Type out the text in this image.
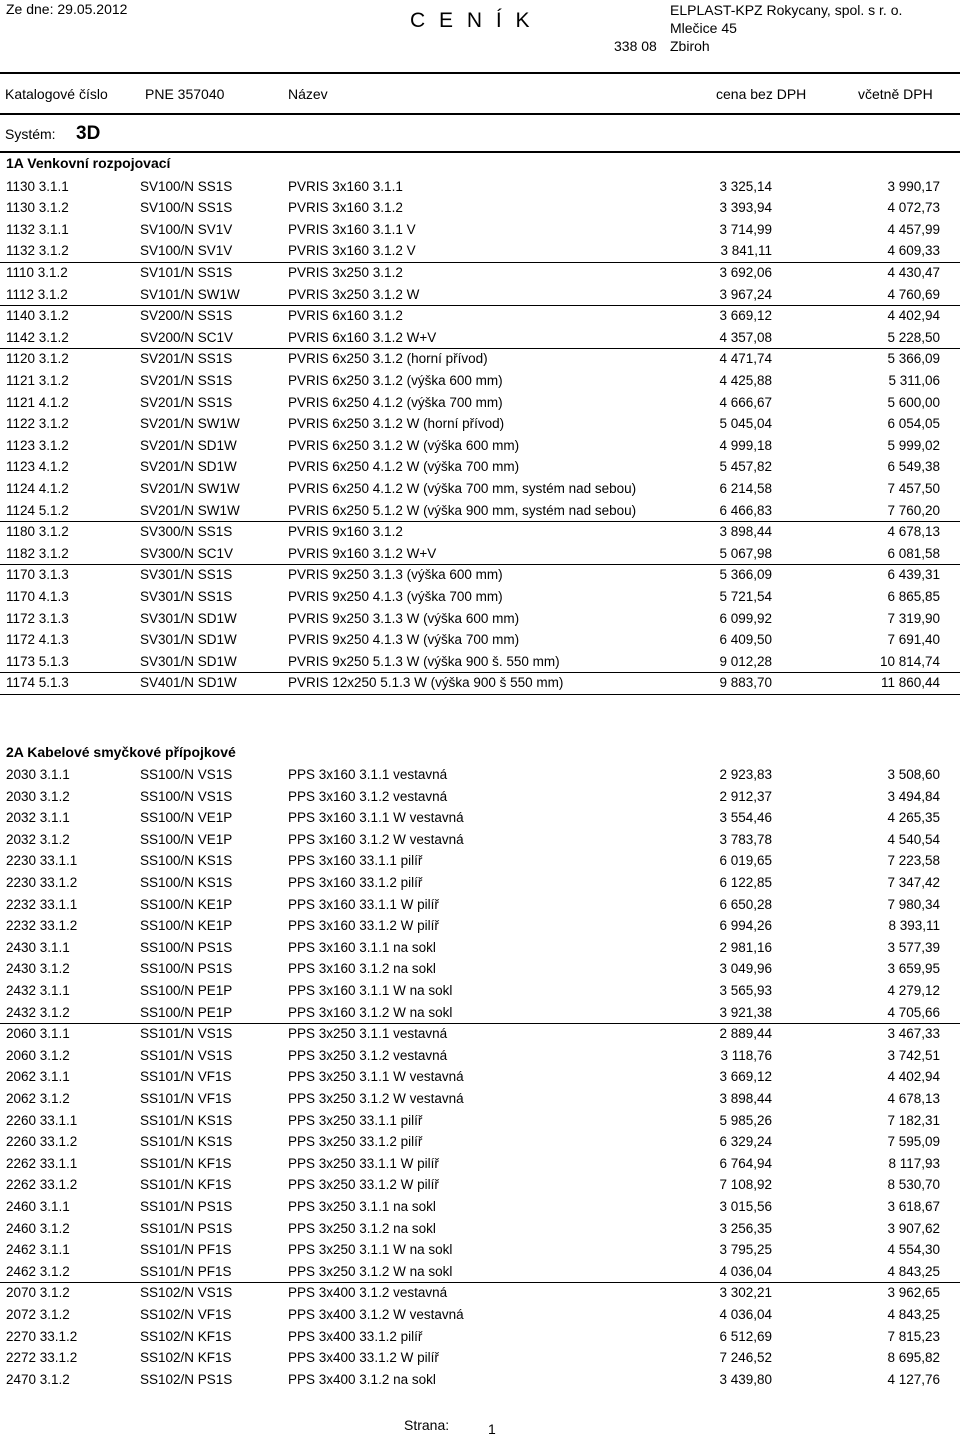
Ze dne: 29.05.2012	C E N Í K	ELPLAST-KPZ Rokycany, spol. s r. o.
Mlečice 45
338 08 Zbiroh
Katalogové číslo	PNE 357040	Název	cena bez DPH	včetně DPH
Systém: 3D
1A Venkovní rozpojovací
1130 3.1.1	SV100/N SS1S	PVRIS 3x160 3.1.1	3 325,14	3 990,17
1130 3.1.2	SV100/N SS1S	PVRIS 3x160 3.1.2	3 393,94	4 072,73
1132 3.1.1	SV100/N SV1V	PVRIS 3x160 3.1.1 V	3 714,99	4 457,99
1132 3.1.2	SV100/N SV1V	PVRIS 3x160 3.1.2 V	3 841,11	4 609,33
1110 3.1.2	SV101/N SS1S	PVRIS 3x250 3.1.2	3 692,06	4 430,47
1112 3.1.2	SV101/N SW1W	PVRIS 3x250 3.1.2 W	3 967,24	4 760,69
1140 3.1.2	SV200/N SS1S	PVRIS 6x160 3.1.2	3 669,12	4 402,94
1142 3.1.2	SV200/N SC1V	PVRIS 6x160 3.1.2 W+V	4 357,08	5 228,50
1120 3.1.2	SV201/N SS1S	PVRIS 6x250 3.1.2 (horní přívod)	4 471,74	5 366,09
1121 3.1.2	SV201/N SS1S	PVRIS 6x250 3.1.2 (výška 600 mm)	4 425,88	5 311,06
1121 4.1.2	SV201/N SS1S	PVRIS 6x250 4.1.2 (výška 700 mm)	4 666,67	5 600,00
1122 3.1.2	SV201/N SW1W	PVRIS 6x250 3.1.2 W (horní přívod)	5 045,04	6 054,05
1123 3.1.2	SV201/N SD1W	PVRIS 6x250 3.1.2 W (výška 600 mm)	4 999,18	5 999,02
1123 4.1.2	SV201/N SD1W	PVRIS 6x250 4.1.2 W (výška 700 mm)	5 457,82	6 549,38
1124 4.1.2	SV201/N SW1W	PVRIS 6x250 4.1.2 W (výška 700 mm, systém nad sebou)	6 214,58	7 457,50
1124 5.1.2	SV201/N SW1W	PVRIS 6x250 5.1.2 W (výška 900 mm, systém nad sebou)	6 466,83	7 760,20
1180 3.1.2	SV300/N SS1S	PVRIS 9x160 3.1.2	3 898,44	4 678,13
1182 3.1.2	SV300/N SC1V	PVRIS 9x160 3.1.2 W+V	5 067,98	6 081,58
1170 3.1.3	SV301/N SS1S	PVRIS 9x250 3.1.3 (výška 600 mm)	5 366,09	6 439,31
1170 4.1.3	SV301/N SS1S	PVRIS 9x250 4.1.3 (výška 700 mm)	5 721,54	6 865,85
1172 3.1.3	SV301/N SD1W	PVRIS 9x250 3.1.3 W (výška 600 mm)	6 099,92	7 319,90
1172 4.1.3	SV301/N SD1W	PVRIS 9x250 4.1.3 W (výška 700 mm)	6 409,50	7 691,40
1173 5.1.3	SV301/N SD1W	PVRIS 9x250 5.1.3 W (výška 900 š. 550 mm)	9 012,28	10 814,74
1174 5.1.3	SV401/N SD1W	PVRIS 12x250 5.1.3 W (výška 900 š 550 mm)	9 883,70	11 860,44
2A Kabelové smyčkové přípojkové
2030 3.1.1	SS100/N VS1S	PPS 3x160 3.1.1 vestavná	2 923,83	3 508,60
2030 3.1.2	SS100/N VS1S	PPS 3x160 3.1.2 vestavná	2 912,37	3 494,84
2032 3.1.1	SS100/N VE1P	PPS 3x160 3.1.1 W vestavná	3 554,46	4 265,35
2032 3.1.2	SS100/N VE1P	PPS 3x160 3.1.2 W vestavná	3 783,78	4 540,54
2230 33.1.1	SS100/N KS1S	PPS 3x160 33.1.1 pilíř	6 019,65	7 223,58
2230 33.1.2	SS100/N KS1S	PPS 3x160 33.1.2 pilíř	6 122,85	7 347,42
2232 33.1.1	SS100/N KE1P	PPS 3x160 33.1.1 W pilíř	6 650,28	7 980,34
2232 33.1.2	SS100/N KE1P	PPS 3x160 33.1.2 W pilíř	6 994,26	8 393,11
2430 3.1.1	SS100/N PS1S	PPS 3x160 3.1.1 na sokl	2 981,16	3 577,39
2430 3.1.2	SS100/N PS1S	PPS 3x160 3.1.2 na sokl	3 049,96	3 659,95
2432 3.1.1	SS100/N PE1P	PPS 3x160 3.1.1 W na sokl	3 565,93	4 279,12
2432 3.1.2	SS100/N PE1P	PPS 3x160 3.1.2 W na sokl	3 921,38	4 705,66
2060 3.1.1	SS101/N VS1S	PPS 3x250 3.1.1 vestavná	2 889,44	3 467,33
2060 3.1.2	SS101/N VS1S	PPS 3x250 3.1.2 vestavná	3 118,76	3 742,51
2062 3.1.1	SS101/N VF1S	PPS 3x250 3.1.1 W vestavná	3 669,12	4 402,94
2062 3.1.2	SS101/N VF1S	PPS 3x250 3.1.2 W vestavná	3 898,44	4 678,13
2260 33.1.1	SS101/N KS1S	PPS 3x250 33.1.1 pilíř	5 985,26	7 182,31
2260 33.1.2	SS101/N KS1S	PPS 3x250 33.1.2 pilíř	6 329,24	7 595,09
2262 33.1.1	SS101/N KF1S	PPS 3x250 33.1.1 W pilíř	6 764,94	8 117,93
2262 33.1.2	SS101/N KF1S	PPS 3x250 33.1.2 W pilíř	7 108,92	8 530,70
2460 3.1.1	SS101/N PS1S	PPS 3x250 3.1.1 na sokl	3 015,56	3 618,67
2460 3.1.2	SS101/N PS1S	PPS 3x250 3.1.2 na sokl	3 256,35	3 907,62
2462 3.1.1	SS101/N PF1S	PPS 3x250 3.1.1 W na sokl	3 795,25	4 554,30
2462 3.1.2	SS101/N PF1S	PPS 3x250 3.1.2 W na sokl	4 036,04	4 843,25
2070 3.1.2	SS102/N VS1S	PPS 3x400 3.1.2 vestavná	3 302,21	3 962,65
2072 3.1.2	SS102/N VF1S	PPS 3x400 3.1.2 W vestavná	4 036,04	4 843,25
2270 33.1.2	SS102/N KF1S	PPS 3x400 33.1.2 pilíř	6 512,69	7 815,23
2272 33.1.2	SS102/N KF1S	PPS 3x400 33.1.2 W pilíř	7 246,52	8 695,82
2470 3.1.2	SS102/N PS1S	PPS 3x400 3.1.2 na sokl	3 439,80	4 127,76
Strana:	1
